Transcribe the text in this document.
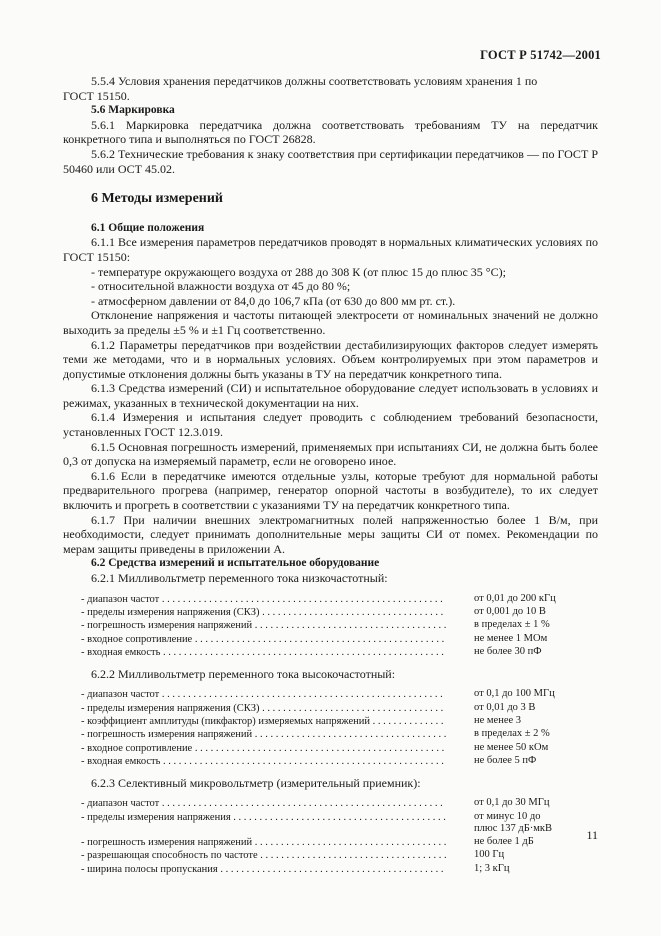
ГОСТ Р 51742—2001

5.5.4 Условия хранения передатчиков должны соответствовать условиям хранения 1 по

ГОСТ 15150.

5.6 Маркировка

5.6.1 Маркировка передатчика должна соответствовать требованиям ТУ на передатчик конкретного типа и выполняться по ГОСТ 26828.

5.6.2 Технические требования к знаку соответствия при сертификации передатчиков — по ГОСТ Р 50460 или ОСТ 45.02.

6 Методы измерений
6.1 Общие положения

6.1.1 Все измерения параметров передатчиков проводят в нормальных климатических условиях по ГОСТ 15150:

- температуре окружающего воздуха от 288 до 308 К (от плюс 15 до плюс 35 °С);
- относительной влажности воздуха от 45 до 80 %;
- атмосферном давлении от 84,0 до 106,7 кПа (от 630 до 800 мм рт. ст.).

Отклонение напряжения и частоты питающей электросети от номинальных значений не должно выходить за пределы ±5 % и ±1 Гц соответственно.

6.1.2 Параметры передатчиков при воздействии дестабилизирующих факторов следует измерять теми же методами, что и в нормальных условиях. Объем контролируемых при этом параметров и допустимые отклонения должны быть указаны в ТУ на передатчик конкретного типа.

6.1.3 Средства измерений (СИ) и испытательное оборудование следует использовать в условиях и режимах, указанных в технической документации на них.

6.1.4 Измерения и испытания следует проводить с соблюдением требований безопасности, установленных ГОСТ 12.3.019.

6.1.5 Основная погрешность измерений, применяемых при испытаниях СИ, не должна быть более 0,3 от допуска на измеряемый параметр, если не оговорено иное.

6.1.6 Если в передатчике имеются отдельные узлы, которые требуют для нормальной работы предварительного прогрева (например, генератор опорной частоты в возбудителе), то их следует включить и прогреть в соответствии с указаниями ТУ на передатчик конкретного типа.

6.1.7 При наличии внешних электромагнитных полей напряженностью более 1 В/м, при необходимости, следует принимать дополнительные меры защиты СИ от помех. Рекомендации по мерам защиты приведены в приложении А.

6.2 Средства измерений и испытательное оборудование
6.2.1 Милливольтметр переменного тока низкочастотный:
- диапазон частот . . .	от 0,01 до 200 кГц
- пределы измерения напряжения (СКЗ) . . .	от 0,001 до 10 В
- погрешность измерения напряжений . . .	в пределах ± 1 %
- входное сопротивление . . .	не менее 1 МОм
- входная емкость . . .	не более 30 пФ
6.2.2 Милливольтметр переменного тока высокочастотный:
- диапазон частот . . .	от 0,1 до 100 МГц
- пределы измерения напряжения (СКЗ) . . .	от 0,01 до 3 В
- коэффициент амплитуды (пикфактор) измеряемых напряжений . . .	не менее 3
- погрешность измерения напряжений . . .	в пределах ± 2 %
- входное сопротивление . . .	не менее 50 кОм
- входная емкость . . .	не более 5 пФ
6.2.3 Селективный микровольтметр (измерительный приемник):
- диапазон частот . . .	от 0,1 до 30 МГц
- пределы измерения напряжения . . .	от минус 10 до
плюс 137 дБ·мкВ
- погрешность измерения напряжений . . .	не более 1 дБ
- разрешающая способность по частоте . . .	100 Гц
- ширина полосы пропускания . . .	1; 3 кГц
11
